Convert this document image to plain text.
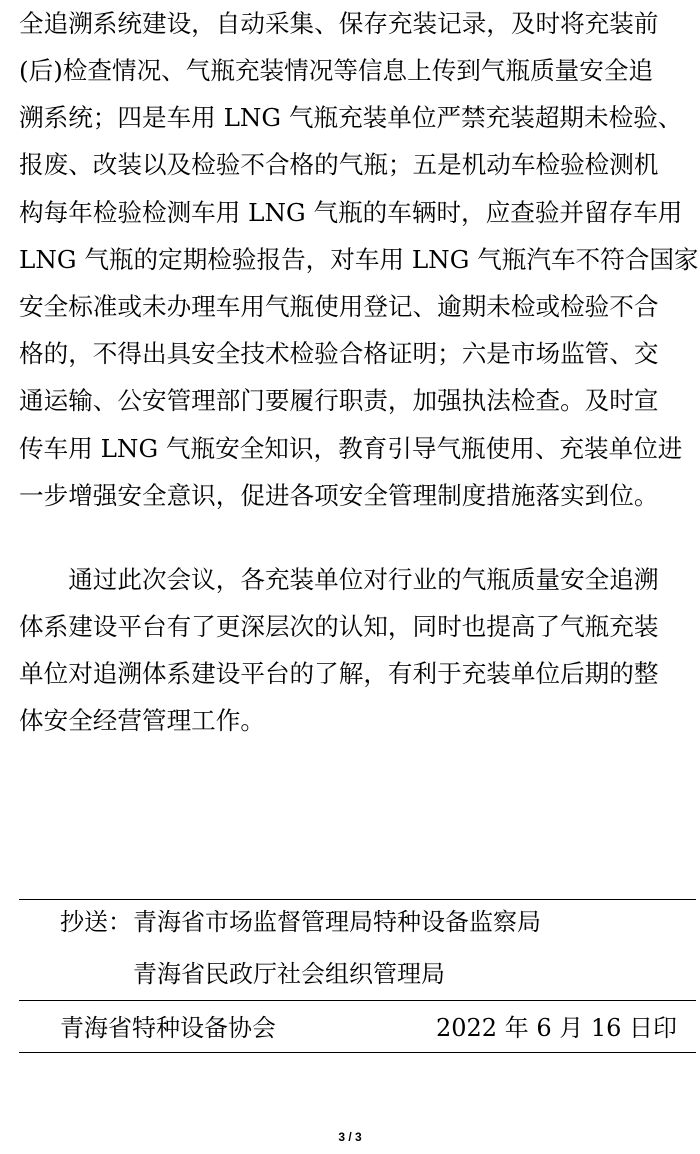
全追溯系统建设，自动采集、保存充装记录，及时将充装前
(后)检查情况、气瓶充装情况等信息上传到气瓶质量安全追
溯系统；四是车用 LNG 气瓶充装单位严禁充装超期未检验、
报废、改装以及检验不合格的气瓶；五是机动车检验检测机
构每年检验检测车用 LNG 气瓶的车辆时，应查验并留存车用
LNG 气瓶的定期检验报告，对车用 LNG 气瓶汽车不符合国家
安全标准或未办理车用气瓶使用登记、逾期未检或检验不合
格的，不得出具安全技术检验合格证明；六是市场监管、交
通运输、公安管理部门要履行职责，加强执法检查。及时宣
传车用 LNG 气瓶安全知识，教育引导气瓶使用、充装单位进
一步增强安全意识，促进各项安全管理制度措施落实到位。
　　通过此次会议，各充装单位对行业的气瓶质量安全追溯
体系建设平台有了更深层次的认知，同时也提高了气瓶充装
单位对追溯体系建设平台的了解，有利于充装单位后期的整
体安全经营管理工作。
抄送： 青海省市场监督管理局特种设备监察局
青海省民政厅社会组织管理局
青海省特种设备协会	2022 年 6 月 16 日印
3 / 3
